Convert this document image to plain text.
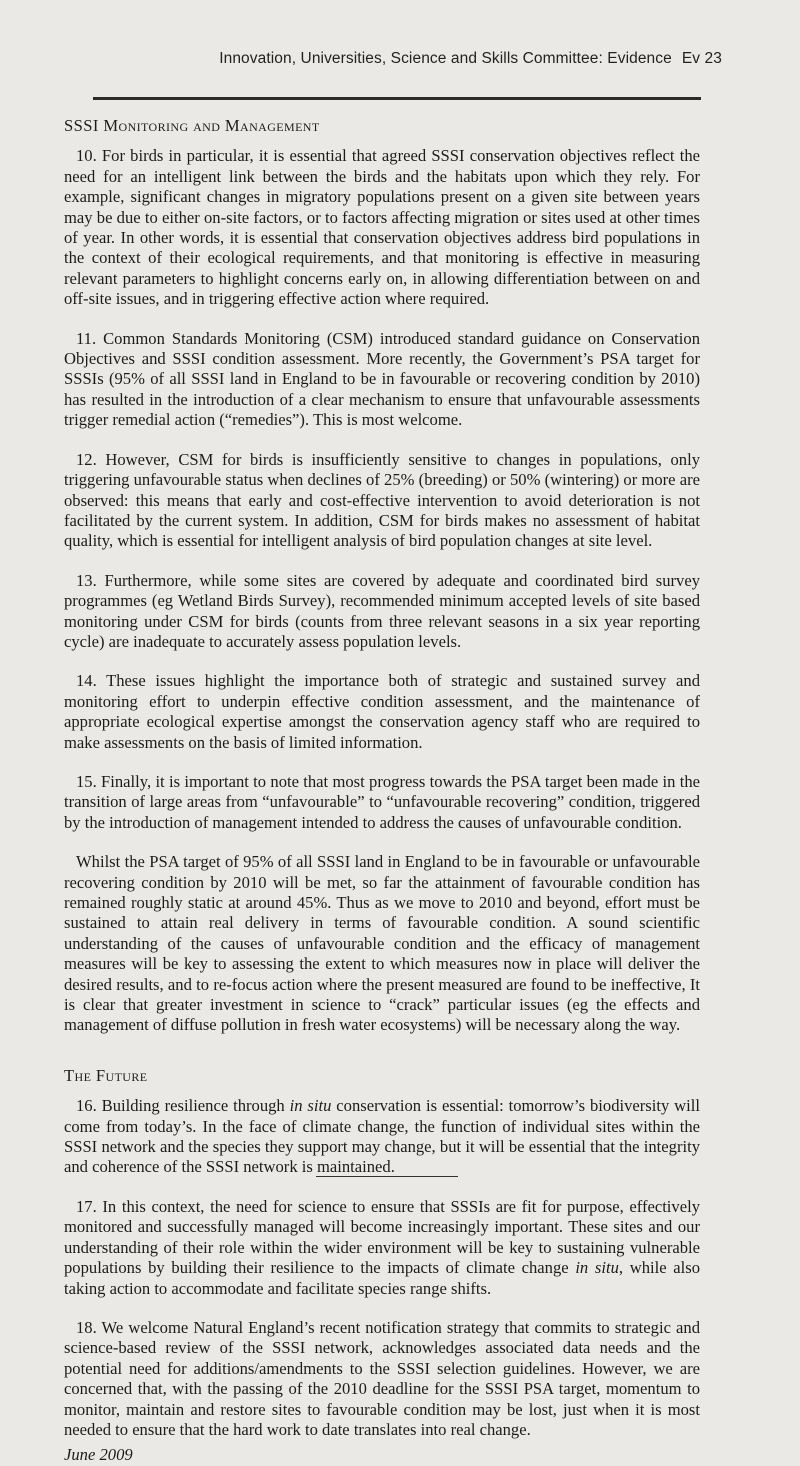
Innovation, Universities, Science and Skills Committee: Evidence Ev 23
SSSI Monitoring and Management

10. For birds in particular, it is essential that agreed SSSI conservation objectives reflect the need for an intelligent link between the birds and the habitats upon which they rely. For example, significant changes in migratory populations present on a given site between years may be due to either on-site factors, or to factors affecting migration or sites used at other times of year. In other words, it is essential that conservation objectives address bird populations in the context of their ecological requirements, and that monitoring is effective in measuring relevant parameters to highlight concerns early on, in allowing differentiation between on and off-site issues, and in triggering effective action where required.

11. Common Standards Monitoring (CSM) introduced standard guidance on Conservation Objectives and SSSI condition assessment. More recently, the Government’s PSA target for SSSIs (95% of all SSSI land in England to be in favourable or recovering condition by 2010) has resulted in the introduction of a clear mechanism to ensure that unfavourable assessments trigger remedial action (“remedies”). This is most welcome.

12. However, CSM for birds is insufficiently sensitive to changes in populations, only triggering unfavourable status when declines of 25% (breeding) or 50% (wintering) or more are observed: this means that early and cost-effective intervention to avoid deterioration is not facilitated by the current system. In addition, CSM for birds makes no assessment of habitat quality, which is essential for intelligent analysis of bird population changes at site level.

13. Furthermore, while some sites are covered by adequate and coordinated bird survey programmes (eg Wetland Birds Survey), recommended minimum accepted levels of site based monitoring under CSM for birds (counts from three relevant seasons in a six year reporting cycle) are inadequate to accurately assess population levels.

14. These issues highlight the importance both of strategic and sustained survey and monitoring effort to underpin effective condition assessment, and the maintenance of appropriate ecological expertise amongst the conservation agency staff who are required to make assessments on the basis of limited information.

15. Finally, it is important to note that most progress towards the PSA target been made in the transition of large areas from “unfavourable” to “unfavourable recovering” condition, triggered by the introduction of management intended to address the causes of unfavourable condition.

Whilst the PSA target of 95% of all SSSI land in England to be in favourable or unfavourable recovering condition by 2010 will be met, so far the attainment of favourable condition has remained roughly static at around 45%. Thus as we move to 2010 and beyond, effort must be sustained to attain real delivery in terms of favourable condition. A sound scientific understanding of the causes of unfavourable condition and the efficacy of management measures will be key to assessing the extent to which measures now in place will deliver the desired results, and to re-focus action where the present measured are found to be ineffective, It is clear that greater investment in science to “crack” particular issues (eg the effects and management of diffuse pollution in fresh water ecosystems) will be necessary along the way.

The Future

16. Building resilience through in situ conservation is essential: tomorrow’s biodiversity will come from today’s. In the face of climate change, the function of individual sites within the SSSI network and the species they support may change, but it will be essential that the integrity and coherence of the SSSI network is maintained.

17. In this context, the need for science to ensure that SSSIs are fit for purpose, effectively monitored and successfully managed will become increasingly important. These sites and our understanding of their role within the wider environment will be key to sustaining vulnerable populations by building their resilience to the impacts of climate change in situ, while also taking action to accommodate and facilitate species range shifts.

18. We welcome Natural England’s recent notification strategy that commits to strategic and science-based review of the SSSI network, acknowledges associated data needs and the potential need for additions/amendments to the SSSI selection guidelines. However, we are concerned that, with the passing of the 2010 deadline for the SSSI PSA target, momentum to monitor, maintain and restore sites to favourable condition may be lost, just when it is most needed to ensure that the hard work to date translates into real change.

June 2009
